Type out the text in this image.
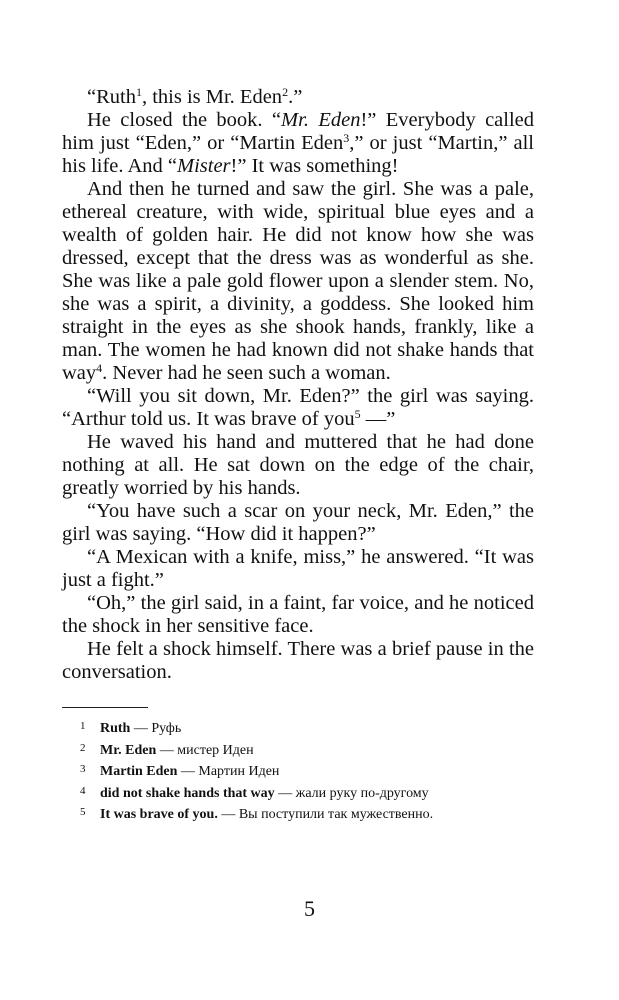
“Ruth$^1$, this is Mr. Eden$^2$.”

He closed the book. “Mr. Eden!” Everybody called him just “Eden,” or “Martin Eden$^3$,” or just “Martin,” all his life. And “Mister!” It was something!

And then he turned and saw the girl. She was a pale, ethereal creature, with wide, spiritual blue eyes and a wealth of golden hair. He did not know how she was dressed, except that the dress was as wonderful as she. She was like a pale gold flower upon a slender stem. No, she was a spirit, a divinity, a goddess. She looked him straight in the eyes as she shook hands, frankly, like a man. The women he had known did not shake hands that way$^4$. Never had he seen such a woman.

“Will you sit down, Mr. Eden?” the girl was saying. “Arthur told us. It was brave of you$^5$ —”

He waved his hand and muttered that he had done nothing at all. He sat down on the edge of the chair, greatly worried by his hands.

“You have such a scar on your neck, Mr. Eden,” the girl was saying. “How did it happen?”

“A Mexican with a knife, miss,” he answered. “It was just a fight.”

“Oh,” the girl said, in a faint, far voice, and he noticed the shock in her sensitive face.

He felt a shock himself. There was a brief pause in the conversation.

1 Ruth — Руфь
2 Mr. Eden — мистер Иден
3 Martin Eden — Мартин Иден
4 did not shake hands that way — жали руку по-другому
5 It was brave of you. — Вы поступили так мужественно.
5
